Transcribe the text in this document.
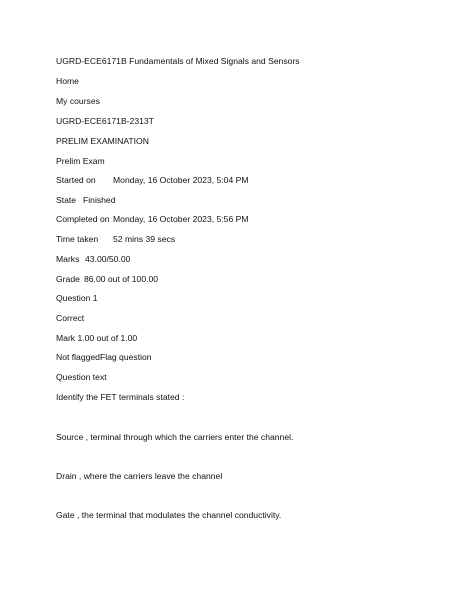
UGRD-ECE6171B Fundamentals of Mixed Signals and Sensors
Home
My courses
UGRD-ECE6171B-2313T
PRELIM EXAMINATION
Prelim Exam
Started on Monday, 16 October 2023, 5:04 PM
State Finished
Completed on Monday, 16 October 2023, 5:56 PM
Time taken 52 mins 39 secs
Marks 43.00/50.00
Grade 86.00 out of 100.00
Question 1
Correct
Mark 1.00 out of 1.00
Not flaggedFlag question
Question text
Identify the FET terminals stated :
Source , terminal through which the carriers enter the channel.
Drain , where the carriers leave the channel
Gate , the terminal that modulates the channel conductivity.
